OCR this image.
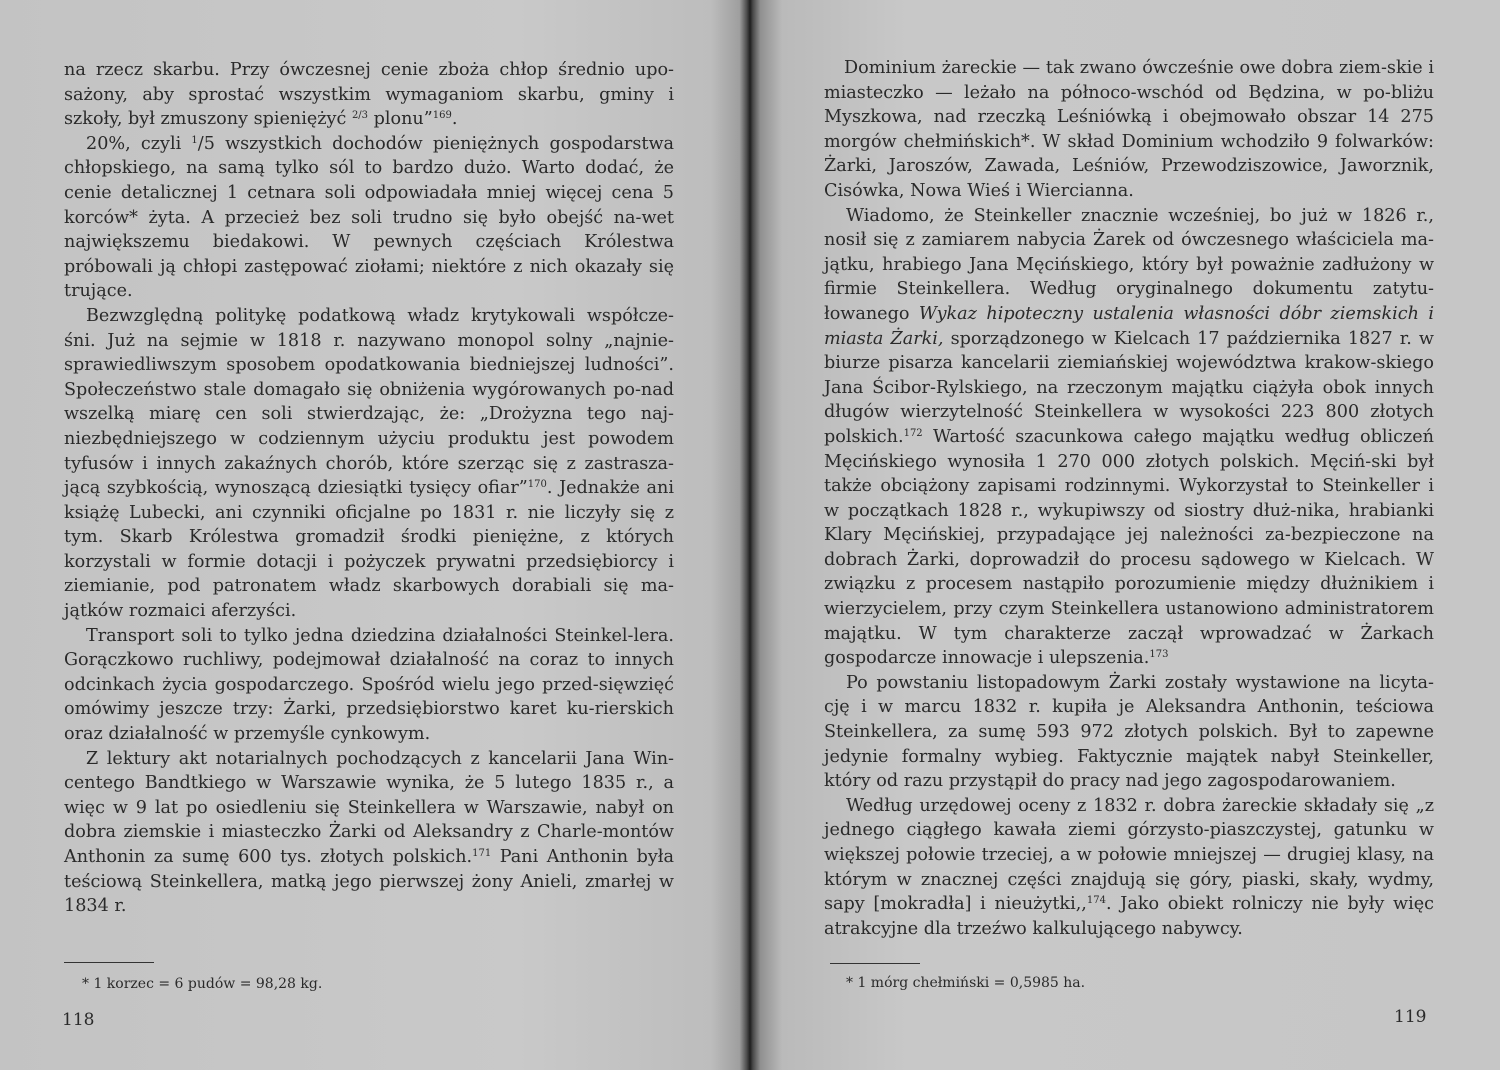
na rzecz skarbu. Przy ówczesnej cenie zboża chłop średnio upo-sażony, aby sprostać wszystkim wymaganiom skarbu, gminy i szkoły, był zmuszony spieniężyć $^{2/3}$ plonu”$^{169}$.

20%, czyli $^1$/5 wszystkich dochodów pieniężnych gospodarstwa chłopskiego, na samą tylko sól to bardzo dużo. Warto dodać, że cenie detalicznej 1 cetnara soli odpowiadała mniej więcej cena 5 korców* żyta. A przecież bez soli trudno się było obejść na-wet największemu biedakowi. W pewnych częściach Królestwa próbowali ją chłopi zastępować ziołami; niektóre z nich okazały się trujące.

Bezwzględną politykę podatkową władz krytykowali współcze-śni. Już na sejmie w 1818 r. nazywano monopol solny „najnie-sprawiedliwszym sposobem opodatkowania biedniejszej ludności”. Społeczeństwo stale domagało się obniżenia wygórowanych po-nad wszelką miarę cen soli stwierdzając, że: „Drożyzna tego naj-niezbędniejszego w codziennym użyciu produktu jest powodem tyfusów i innych zakaźnych chorób, które szerząc się z zastrasza-jącą szybkością, wynoszącą dziesiątki tysięcy ofiar”$^{170}$. Jednakże ani książę Lubecki, ani czynniki oficjalne po 1831 r. nie liczyły się z tym. Skarb Królestwa gromadził środki pieniężne, z których korzystali w formie dotacji i pożyczek prywatni przedsiębiorcy i ziemianie, pod patronatem władz skarbowych dorabiali się ma-jątków rozmaici aferzyści.

Transport soli to tylko jedna dziedzina działalności Steinkel-lera. Gorączkowo ruchliwy, podejmował działalność na coraz to innych odcinkach życia gospodarczego. Spośród wielu jego przed-sięwzięć omówimy jeszcze trzy: Żarki, przedsiębiorstwo karet ku-rierskich oraz działalność w przemyśle cynkowym.

Z lektury akt notarialnych pochodzących z kancelarii Jana Win-centego Bandtkiego w Warszawie wynika, że 5 lutego 1835 r., a więc w 9 lat po osiedleniu się Steinkellera w Warszawie, nabył on dobra ziemskie i miasteczko Żarki od Aleksandry z Charle-montów Anthonin za sumę 600 tys. złotych polskich.$^{171}$ Pani Anthonin była teściową Steinkellera, matką jego pierwszej żony Anieli, zmarłej w 1834 r.

* 1 korzec = 6 pudów = 98,28 kg.
118

Dominium żareckie — tak zwano ówcześnie owe dobra ziem-skie i miasteczko — leżało na północo-wschód od Będzina, w po-bliżu Myszkowa, nad rzeczką Leśniówką i obejmowało obszar 14 275 morgów chełmińskich*. W skład Dominium wchodziło 9 folwarków: Żarki, Jaroszów, Zawada, Leśniów, Przewodziszowice, Jaworznik, Cisówka, Nowa Wieś i Wiercianna.

Wiadomo, że Steinkeller znacznie wcześniej, bo już w 1826 r., nosił się z zamiarem nabycia Żarek od ówczesnego właściciela ma-jątku, hrabiego Jana Męcińskiego, który był poważnie zadłużony w firmie Steinkellera. Według oryginalnego dokumentu zatytu-łowanego Wykaz hipoteczny ustalenia własności dóbr ziemskich i miasta Żarki, sporządzonego w Kielcach 17 października 1827 r. w biurze pisarza kancelarii ziemiańskiej województwa krakow-skiego Jana Ścibor-Rylskiego, na rzeczonym majątku ciążyła obok innych długów wierzytelność Steinkellera w wysokości 223 800 złotych polskich.$^{172}$ Wartość szacunkowa całego majątku według obliczeń Męcińskiego wynosiła 1 270 000 złotych polskich. Męciń-ski był także obciążony zapisami rodzinnymi. Wykorzystał to Steinkeller i w początkach 1828 r., wykupiwszy od siostry dłuż-nika, hrabianki Klary Męcińskiej, przypadające jej należności za-bezpieczone na dobrach Żarki, doprowadził do procesu sądowego w Kielcach. W związku z procesem nastąpiło porozumienie między dłużnikiem i wierzycielem, przy czym Steinkellera ustanowiono administratorem majątku. W tym charakterze zaczął wprowadzać w Żarkach gospodarcze innowacje i ulepszenia.$^{173}$

Po powstaniu listopadowym Żarki zostały wystawione na licyta-cję i w marcu 1832 r. kupiła je Aleksandra Anthonin, teściowa Steinkellera, za sumę 593 972 złotych polskich. Był to zapewne jedynie formalny wybieg. Faktycznie majątek nabył Steinkeller, który od razu przystąpił do pracy nad jego zagospodarowaniem.

Według urzędowej oceny z 1832 r. dobra żareckie składały się „z jednego ciągłego kawała ziemi górzysto-piaszczystej, gatunku w większej połowie trzeciej, a w połowie mniejszej — drugiej klasy, na którym w znacznej części znajdują się góry, piaski, skały, wydmy, sapy [mokradła] i nieużytki,,$^{174}$. Jako obiekt rolniczy nie były więc atrakcyjne dla trzeźwo kalkulującego nabywcy.

* 1 mórg chełmiński = 0,5985 ha.
119
